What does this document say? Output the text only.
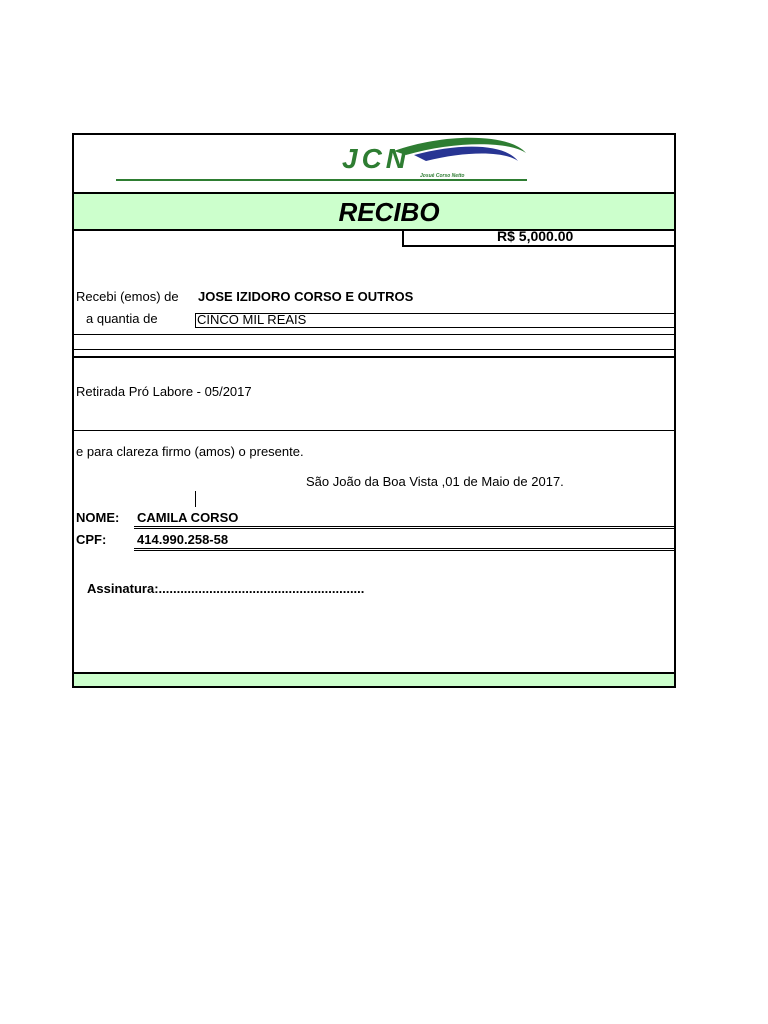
JCN
Josué Corso Netto
RECIBO
R$ 5,000.00
Recebi (emos) de JOSE IZIDORO CORSO E OUTROS
a quantia de	CINCO MIL REAIS
Retirada Pró Labore - 05/2017
e para clareza firmo (amos) o presente.
São João da Boa Vista ,01 de Maio de 2017.
NOME: CAMILA CORSO
CPF: 414.990.258-58
Assinatura:.........................................................
